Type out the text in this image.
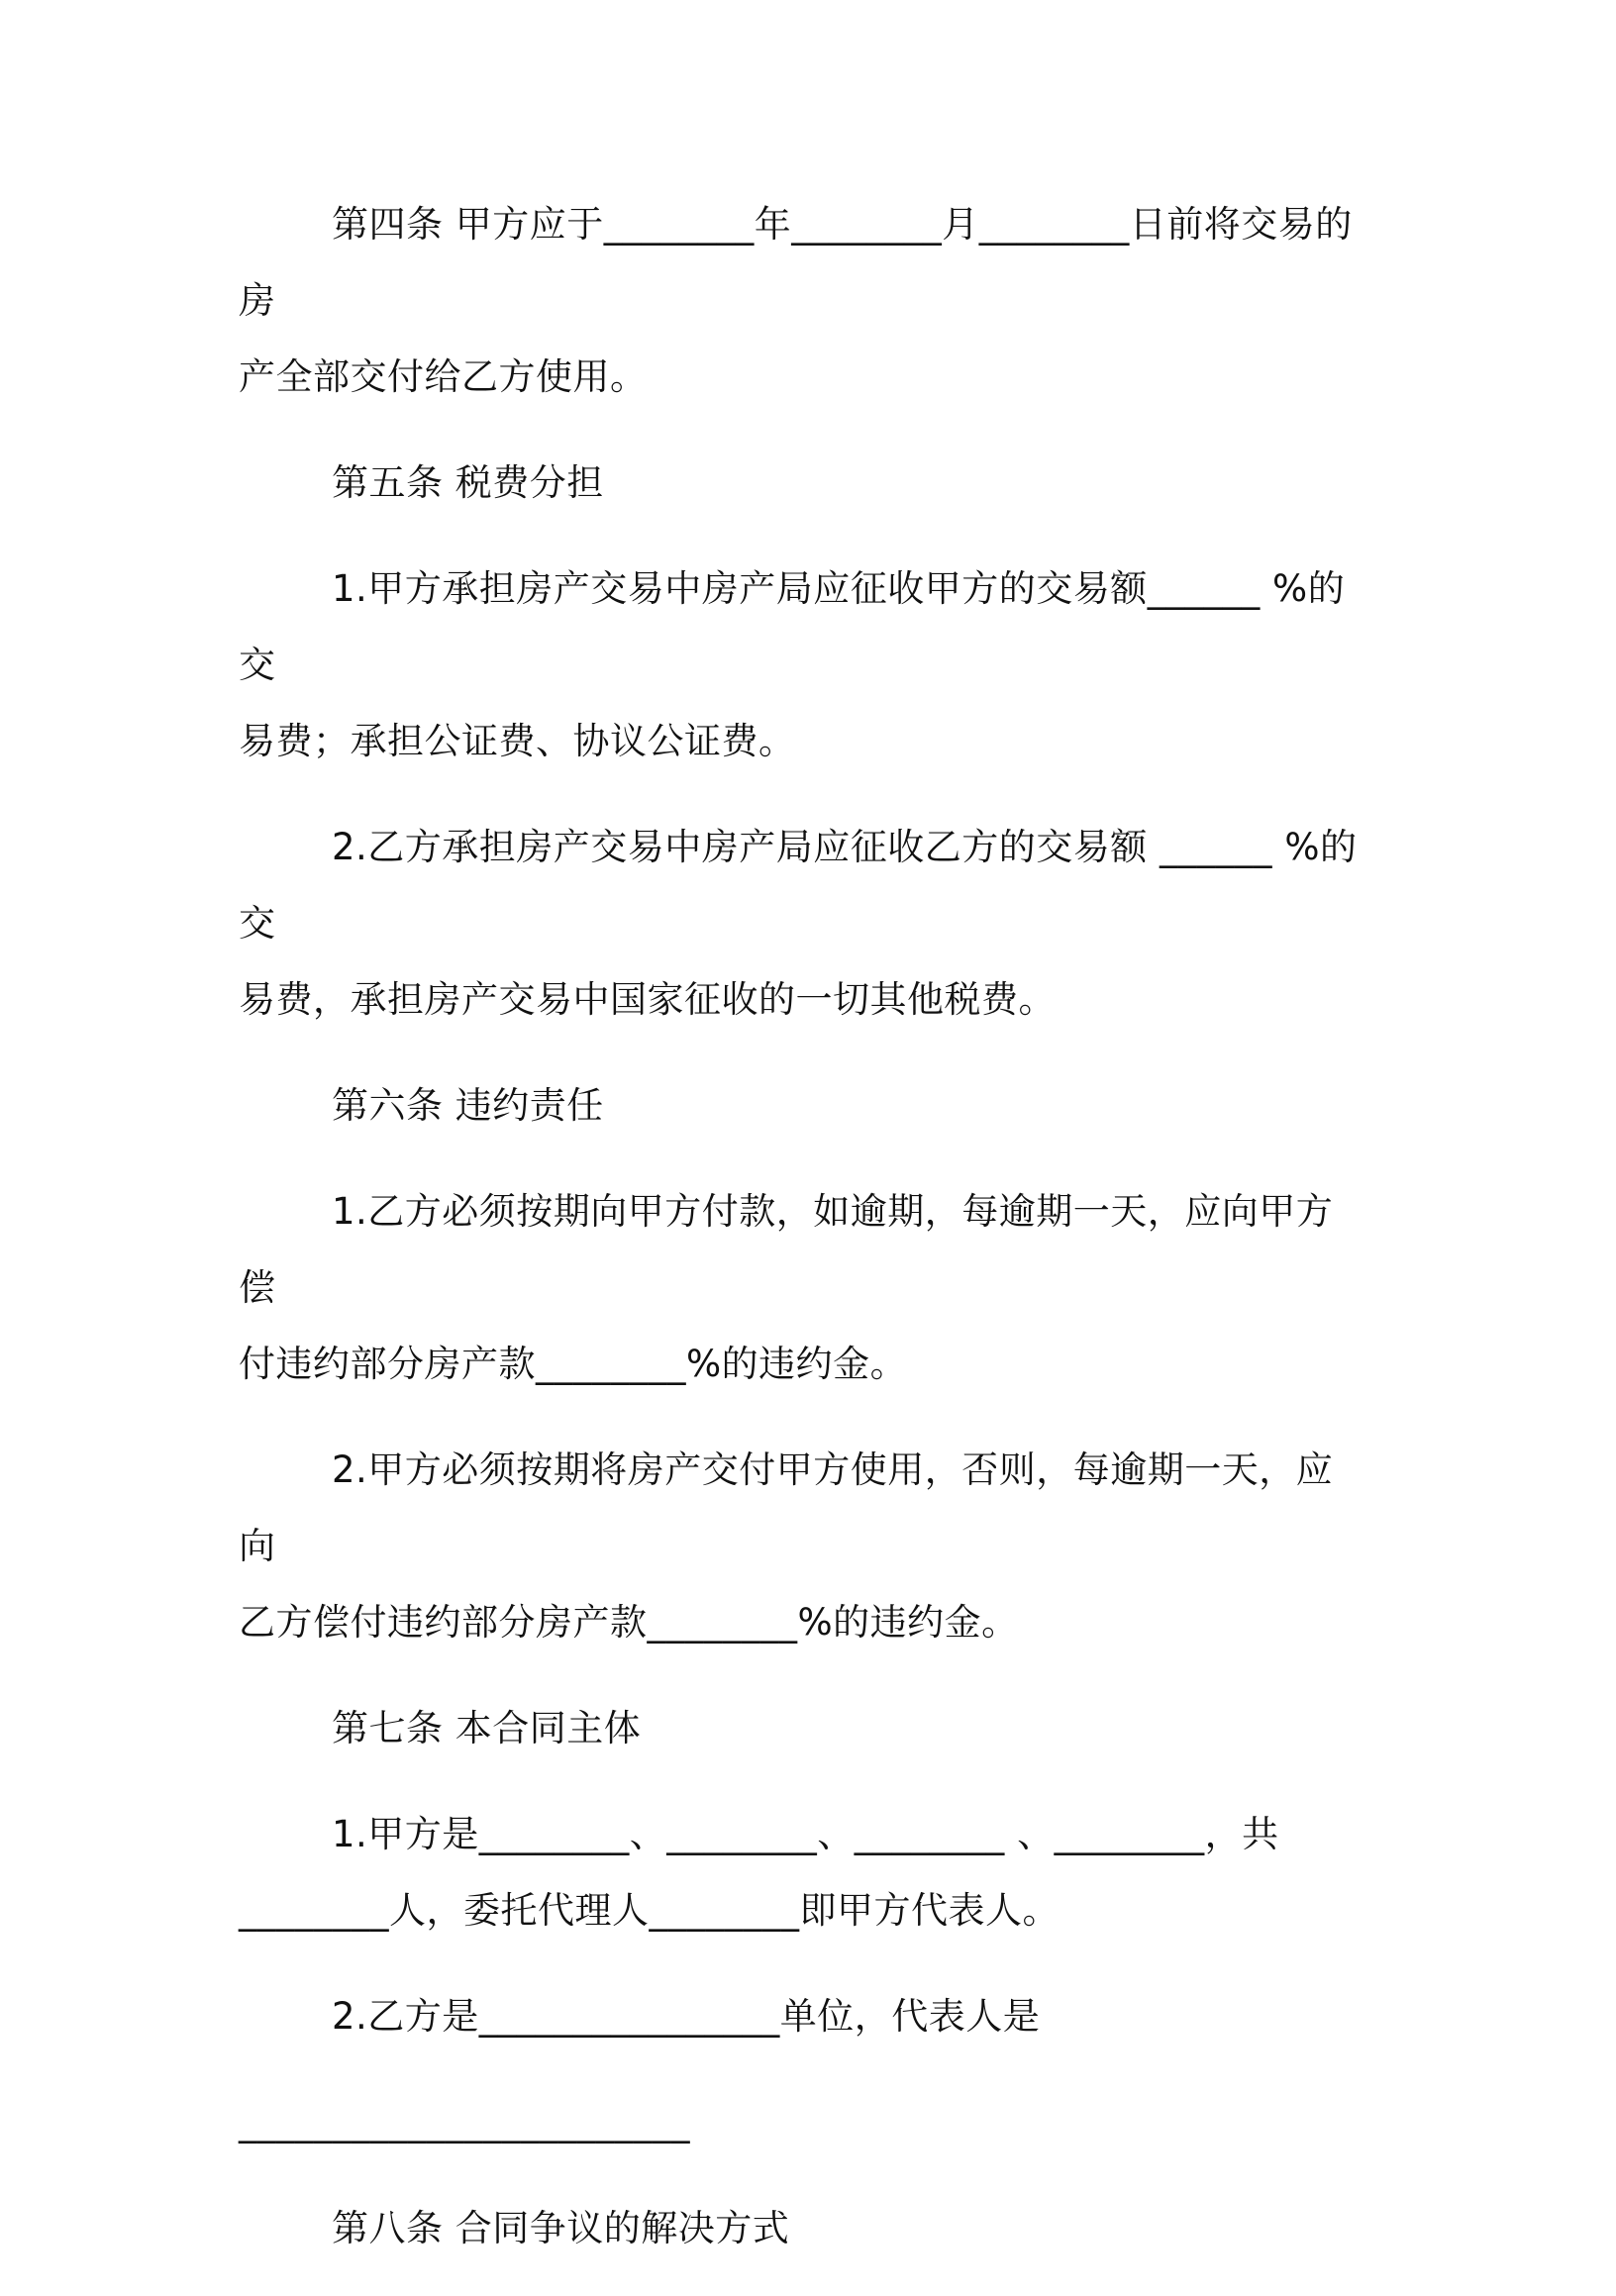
第四条 甲方应于________年________月________日前将交易的房
产全部交付给乙方使用。
第五条 税费分担
1.甲方承担房产交易中房产局应征收甲方的交易额______ %的交
易费；承担公证费、协议公证费。
2.乙方承担房产交易中房产局应征收乙方的交易额 ______ %的交
易费，承担房产交易中国家征收的一切其他税费。
第六条 违约责任
1.乙方必须按期向甲方付款，如逾期，每逾期一天，应向甲方偿
付违约部分房产款________%的违约金。
2.甲方必须按期将房产交付甲方使用，否则，每逾期一天，应向
乙方偿付违约部分房产款________%的违约金。
第七条 本合同主体
1.甲方是________、________、________ 、________，共
________人，委托代理人________即甲方代表人。
2.乙方是________________单位，代表人是
________________________
第八条 合同争议的解决方式
